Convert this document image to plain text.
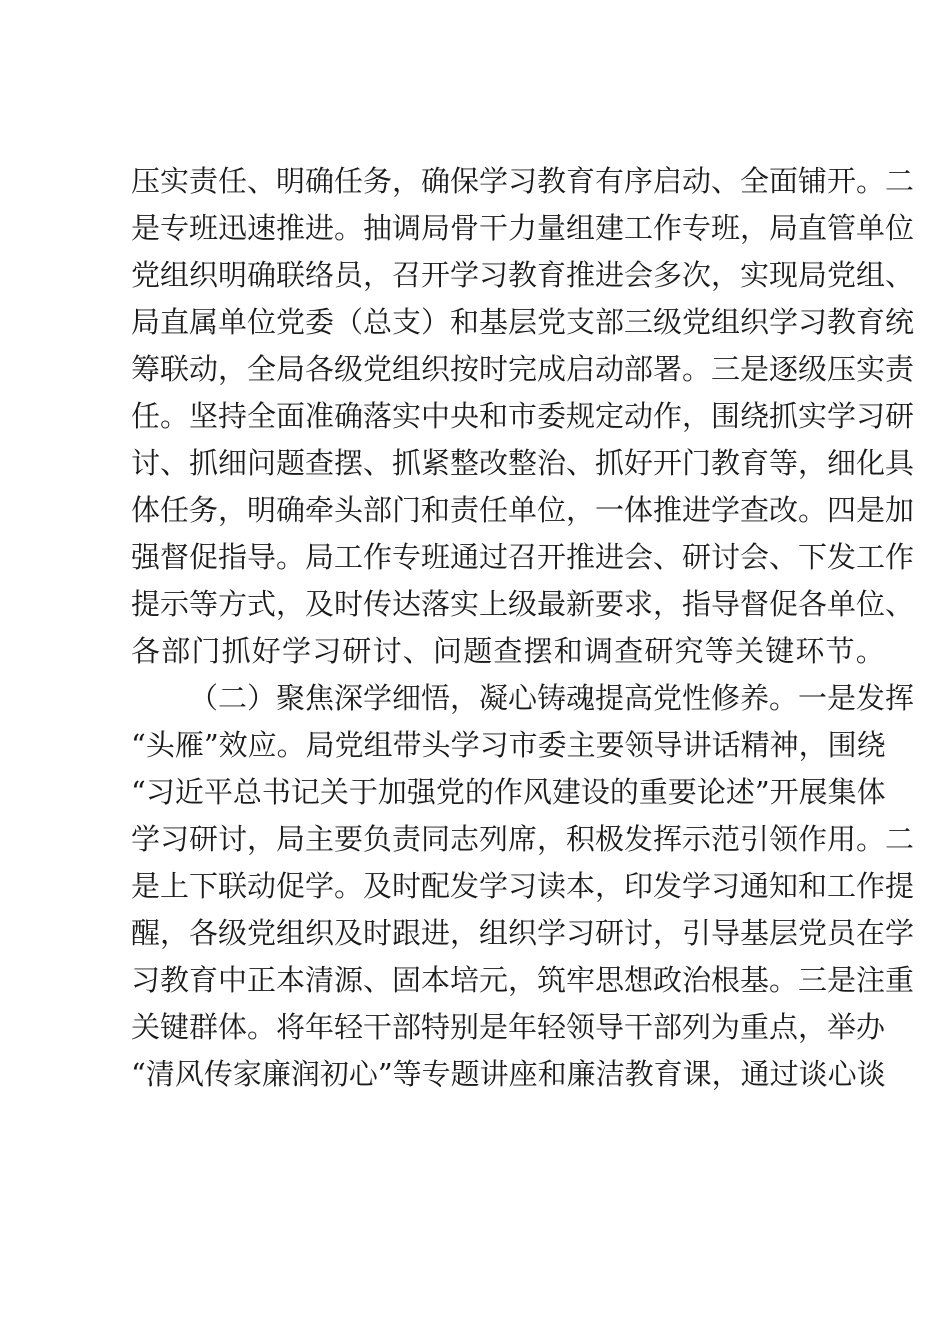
压实责任、明确任务，确保学习教育有序启动、全面铺开。二
是专班迅速推进。抽调局骨干力量组建工作专班，局直管单位
党组织明确联络员，召开学习教育推进会多次，实现局党组、
局直属单位党委（总支）和基层党支部三级党组织学习教育统
筹联动，全局各级党组织按时完成启动部署。三是逐级压实责
任。坚持全面准确落实中央和市委规定动作，围绕抓实学习研
讨、抓细问题查摆、抓紧整改整治、抓好开门教育等，细化具
体任务，明确牵头部门和责任单位，一体推进学查改。四是加
强督促指导。局工作专班通过召开推进会、研讨会、下发工作
提示等方式，及时传达落实上级最新要求，指导督促各单位、
各部门抓好学习研讨、问题查摆和调查研究等关键环节。
（二）聚焦深学细悟，凝心铸魂提高党性修养。一是发挥
“头雁”效应。局党组带头学习市委主要领导讲话精神，围绕
“习近平总书记关于加强党的作风建设的重要论述”开展集体
学习研讨，局主要负责同志列席，积极发挥示范引领作用。二
是上下联动促学。及时配发学习读本，印发学习通知和工作提
醒，各级党组织及时跟进，组织学习研讨，引导基层党员在学
习教育中正本清源、固本培元，筑牢思想政治根基。三是注重
关键群体。将年轻干部特别是年轻领导干部列为重点，举办
“清风传家廉润初心”等专题讲座和廉洁教育课，通过谈心谈
